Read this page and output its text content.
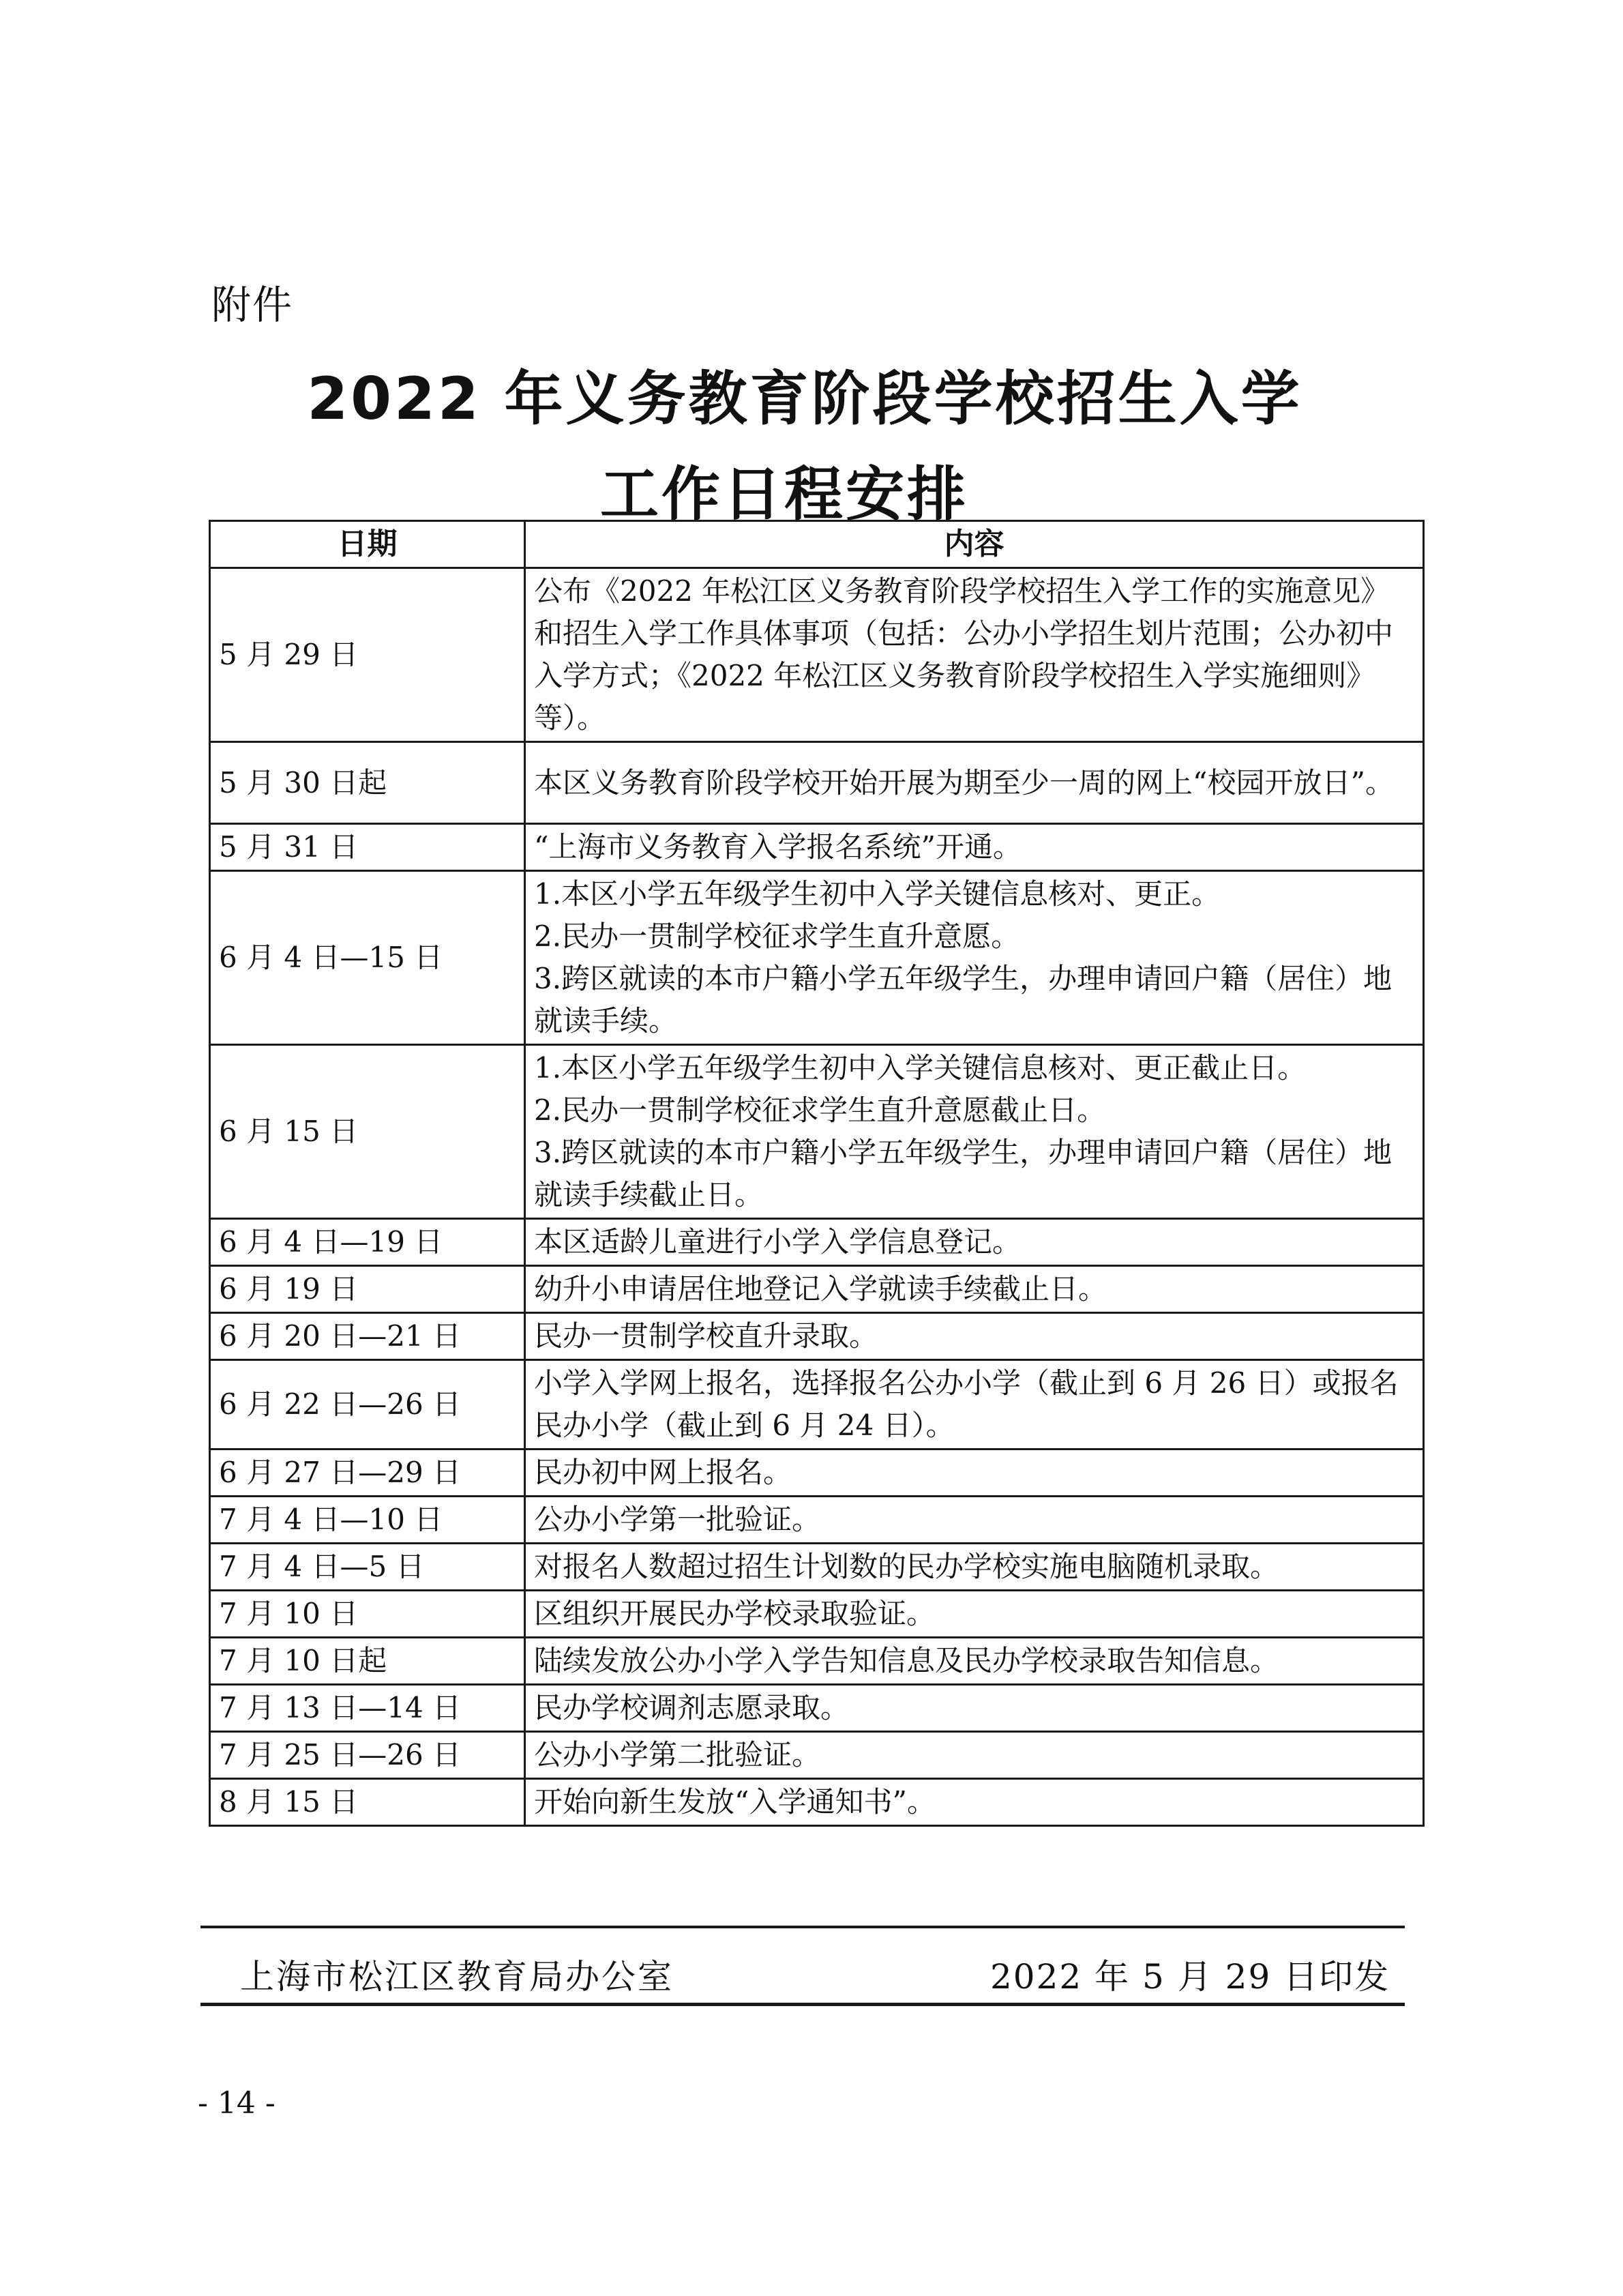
附件
2022 年义务教育阶段学校招生入学
工作日程安排
日期	内容
5 月 29 日	公布《2022 年松江区义务教育阶段学校招生入学工作的实施意见》和招生入学工作具体事项（包括：公办小学招生划片范围；公办初中入学方式；《2022 年松江区义务教育阶段学校招生入学实施细则》等）。

5 月 30 日起	本区义务教育阶段学校开始开展为期至少一周的网上“校园开放日”。

5 月 31 日	“上海市义务教育入学报名系统”开通。

6 月 4 日—15 日	1.本区小学五年级学生初中入学关键信息核对、更正。
2.民办一贯制学校征求学生直升意愿。
3.跨区就读的本市户籍小学五年级学生，办理申请回户籍（居住）地就读手续。

6 月 15 日	1.本区小学五年级学生初中入学关键信息核对、更正截止日。
2.民办一贯制学校征求学生直升意愿截止日。
3.跨区就读的本市户籍小学五年级学生，办理申请回户籍（居住）地就读手续截止日。

6 月 4 日—19 日	本区适龄儿童进行小学入学信息登记。

6 月 19 日	幼升小申请居住地登记入学就读手续截止日。

6 月 20 日—21 日	民办一贯制学校直升录取。

6 月 22 日—26 日	小学入学网上报名，选择报名公办小学（截止到 6 月 26 日）或报名民办小学（截止到 6 月 24 日）。

6 月 27 日—29 日	民办初中网上报名。

7 月 4 日—10 日	公办小学第一批验证。

7 月 4 日—5 日	对报名人数超过招生计划数的民办学校实施电脑随机录取。

7 月 10 日	区组织开展民办学校录取验证。

7 月 10 日起	陆续发放公办小学入学告知信息及民办学校录取告知信息。

7 月 13 日—14 日	民办学校调剂志愿录取。

7 月 25 日—26 日	公办小学第二批验证。

8 月 15 日	开始向新生发放“入学通知书”。
上海市松江区教育局办公室	2022 年 5 月 29 日印发
- 14 -
